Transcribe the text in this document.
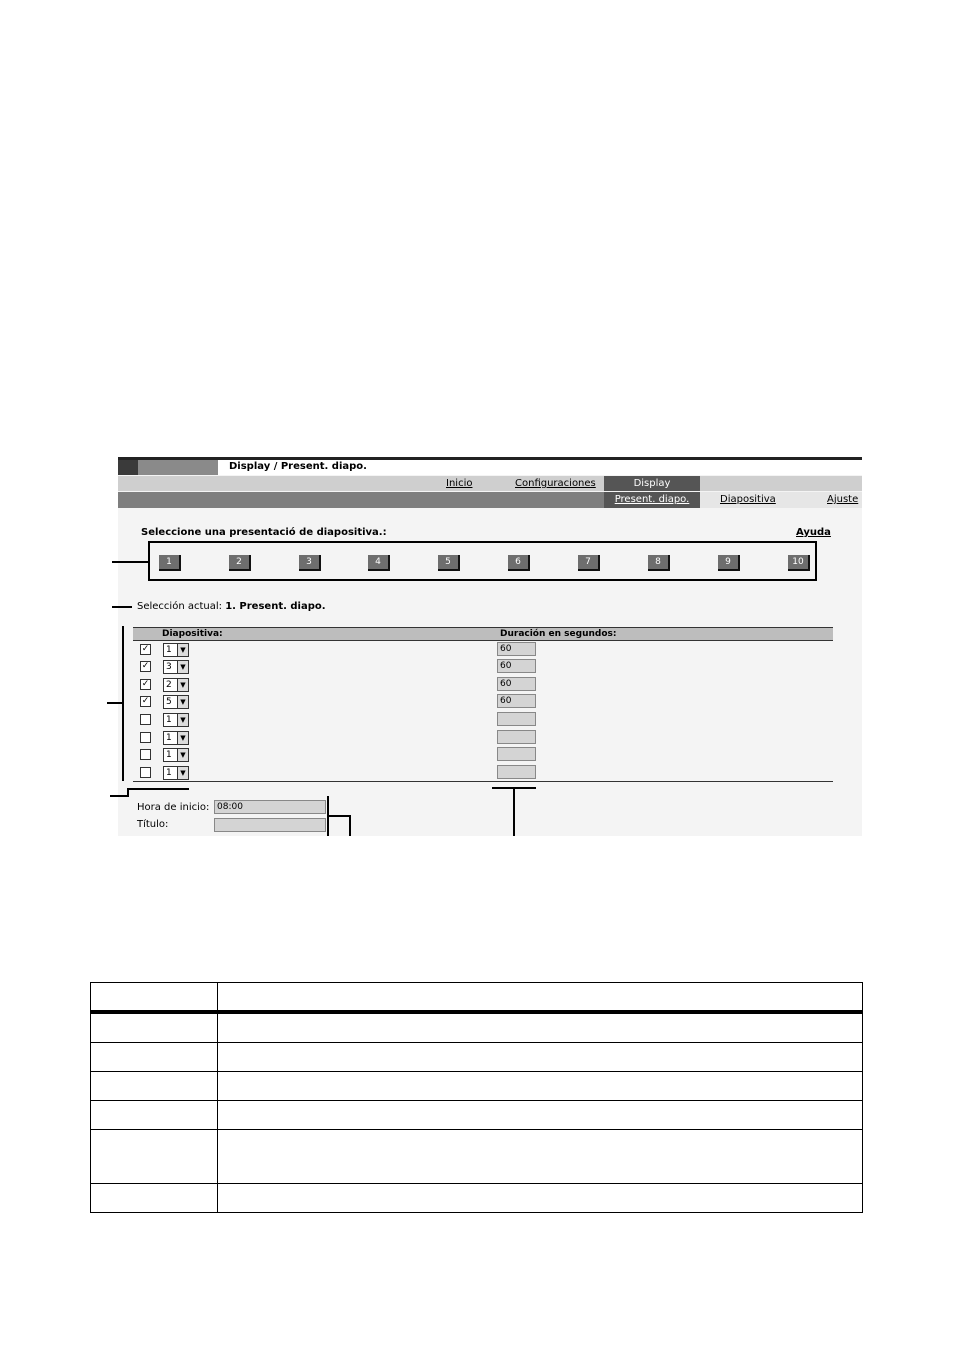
Display / Present. diapo.
Inicio	Configuraciones	Display
Present. diapo.	Diapositiva	Ajuste
Seleccione una presentació de diapositiva.:	Ayuda
1	2	3	4	5	6	7	8	9	10
Selección actual: 1. Present. diapo.
Diapositiva:	Duración en segundos:
✓ 1	▼	60
✓ 3	▼	60
✓ 2	▼	60
✓ 5	▼	60
1	▼
1	▼
1	▼
1	▼
Hora de inicio: 08:00
Título:
